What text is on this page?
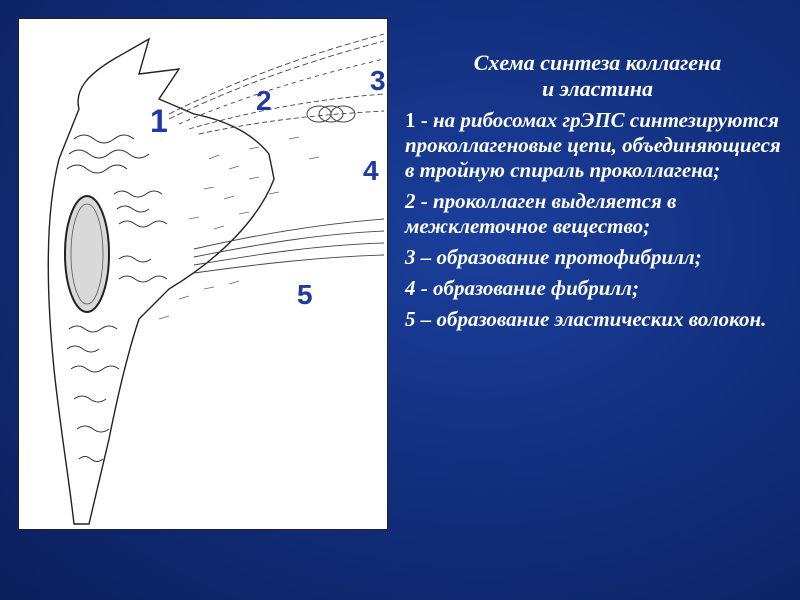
1
2
3
4
5
Схема синтеза коллагена
и эластина

1 - на рибосомах грЭПС синтезируются проколлагеновые цепи, объединяющиеся в тройную спираль проколлагена;

2 - проколлаген выделяется в межклеточное вещество;

3 – образование протофибрилл;

4 - образование фибрилл;

5 – образование эластических волокон.
